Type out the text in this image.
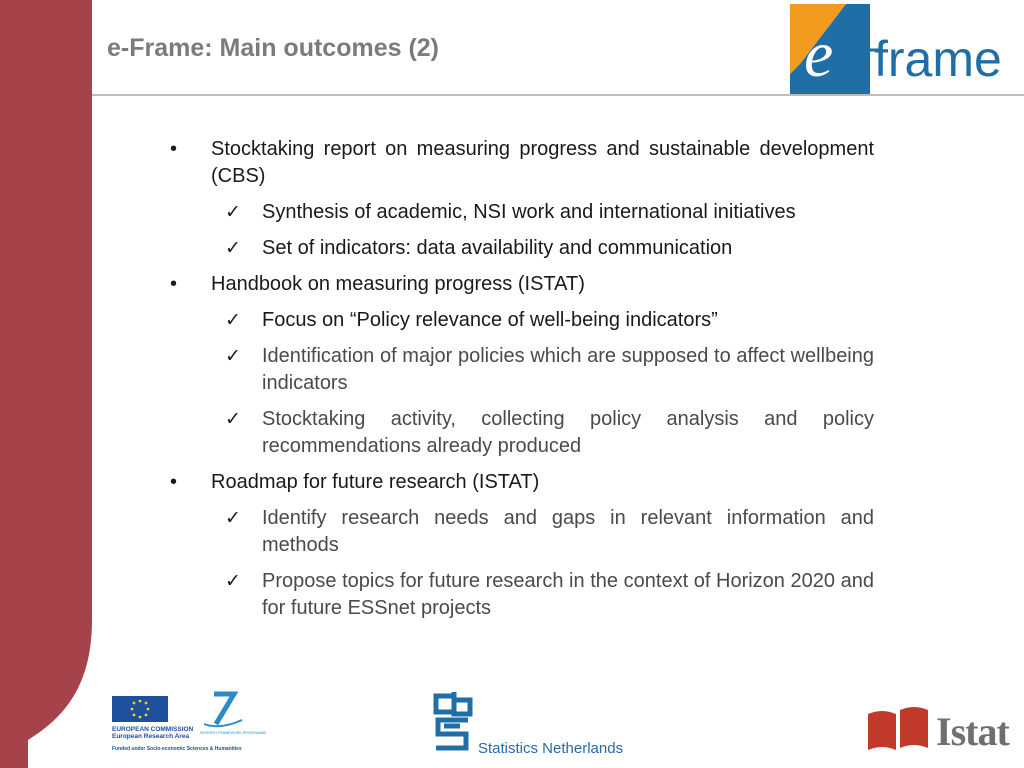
e-Frame: Main outcomes (2)	e frame
•	Stocktaking report on measuring progress and sustainable development (CBS)
✓ Synthesis of academic, NSI work and international initiatives
✓ Set of indicators: data availability and communication
•	Handbook on measuring progress (ISTAT)
✓ Focus on “Policy relevance of well-being indicators”
✓ Identification of major policies which are supposed to affect wellbeing indicators
✓ Stocktaking activity, collecting policy analysis and policy recommendations already produced
•	Roadmap for future research (ISTAT)
✓ Identify research needs and gaps in relevant information and methods
✓ Propose topics for future research in the context of Horizon 2020 and for future ESSnet projects
EUROPEAN COMMISSION
European Research Area
Funded under Socio-economic Sciences & Humanities
SEVENTH FRAMEWORK PROGRAMME
Statistics Netherlands	Istat
